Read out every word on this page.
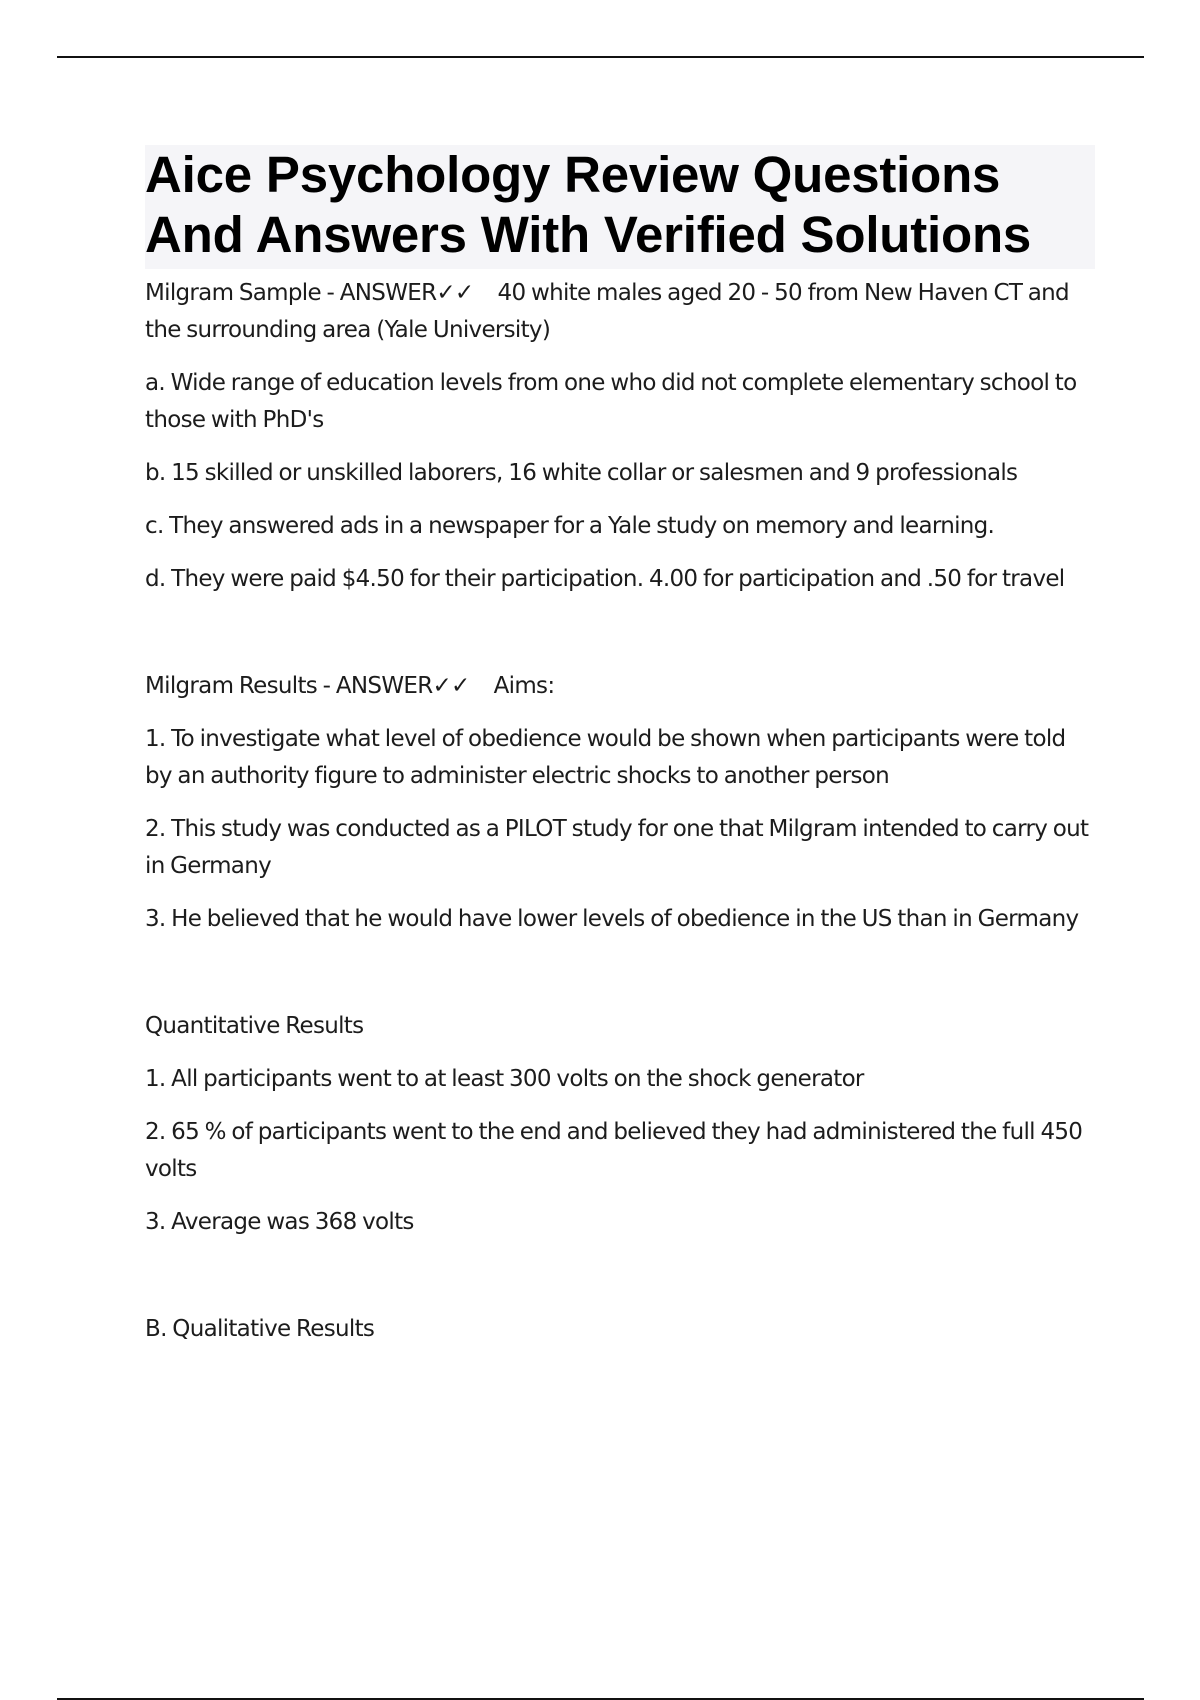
Aice Psychology Review Questions
And Answers With Verified Solutions

Milgram Sample - ANSWER✓✓ 40 white males aged 20 - 50 from New Haven CT and the surrounding area (Yale University)

a. Wide range of education levels from one who did not complete elementary school to those with PhD's

b. 15 skilled or unskilled laborers, 16 white collar or salesmen and 9 professionals

c. They answered ads in a newspaper for a Yale study on memory and learning.

d. They were paid $4.50 for their participation. 4.00 for participation and .50 for travel

Milgram Results - ANSWER✓✓ Aims:

1. To investigate what level of obedience would be shown when participants were told by an authority figure to administer electric shocks to another person

2. This study was conducted as a PILOT study for one that Milgram intended to carry out in Germany

3. He believed that he would have lower levels of obedience in the US than in Germany

Quantitative Results

1. All participants went to at least 300 volts on the shock generator

2. 65 % of participants went to the end and believed they had administered the full 450 volts

3. Average was 368 volts

B. Qualitative Results
